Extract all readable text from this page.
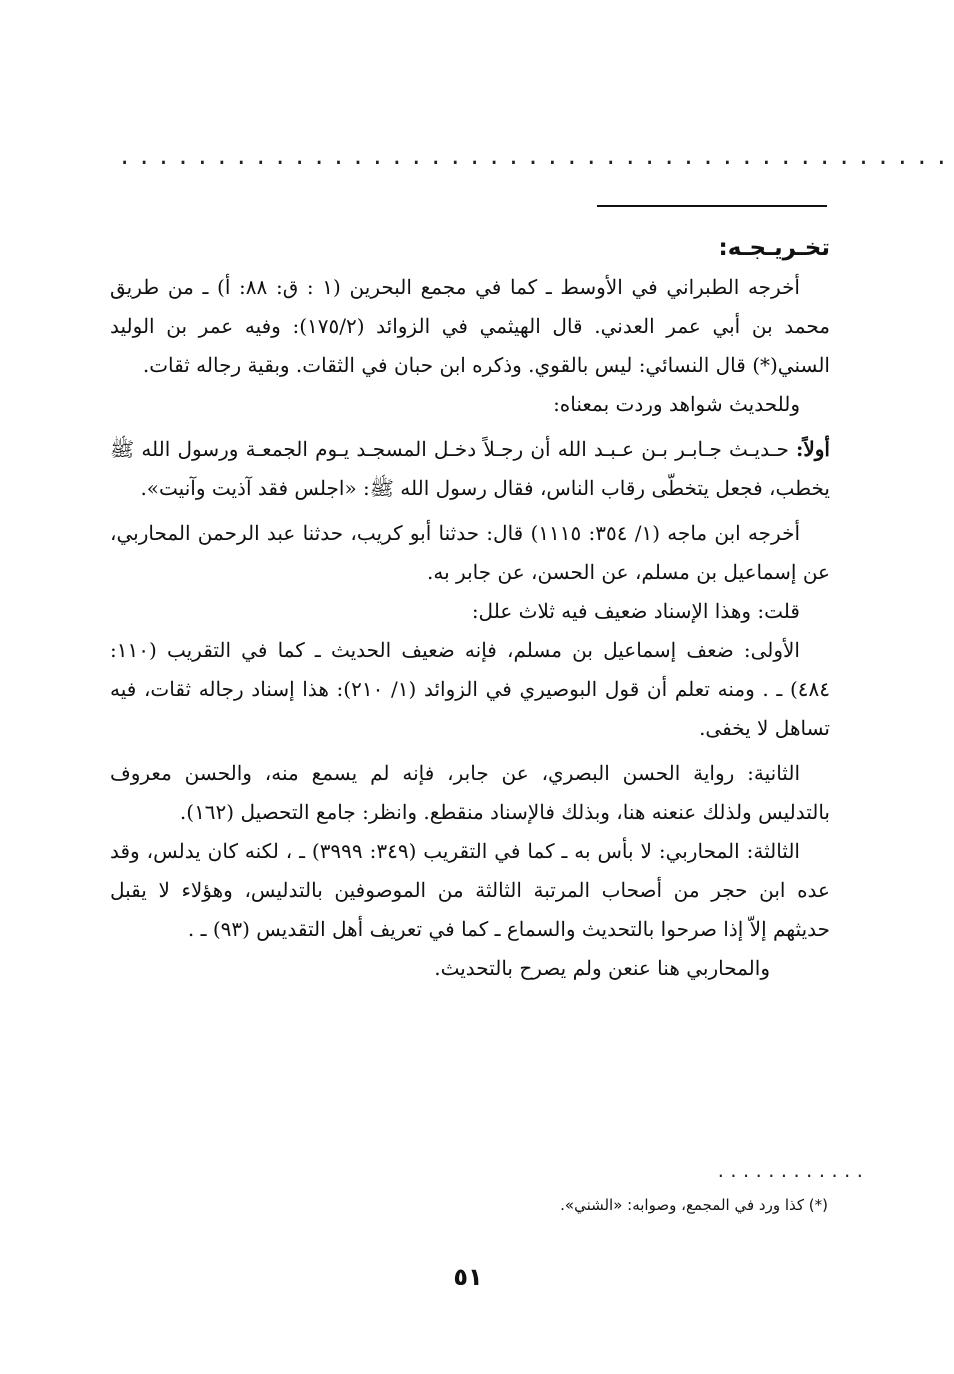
...........................................
تخـريـجـه:

أخرجه الطبراني في الأوسط ـ كما في مجمع البحرين (١ : ق: ٨٨: أ) ـ من طريق محمد بن أبي عمر العدني. قال الهيثمي في الزوائد (١٧٥/٢): وفيه عمر بن الوليد السني(*) قال النسائي: ليس بالقوي. وذكره ابن حبان في الثقات. وبقية رجاله ثقات.

وللحديث شواهد وردت بمعناه:

أولاً: حـديـث جـابـر بـن عـبـد الله أن رجـلاً دخـل المسجـد يـوم الجمعـة ورسول الله ﷺ يخطب، فجعل يتخطّى رقاب الناس، فقال رسول الله ﷺ: «اجلس فقد آذيت وآنيت».

أخرجه ابن ماجه (١/ ٣٥٤: ١١١٥) قال: حدثنا أبو كريب، حدثنا عبد الرحمن المحاربي، عن إسماعيل بن مسلم، عن الحسن، عن جابر به.

قلت: وهذا الإسناد ضعيف فيه ثلاث علل:

الأولى: ضعف إسماعيل بن مسلم، فإنه ضعيف الحديث ـ كما في التقريب (١١٠: ٤٨٤) ـ . ومنه تعلم أن قول البوصيري في الزوائد (١/ ٢١٠): هذا إسناد رجاله ثقات، فيه تساهل لا يخفى.

الثانية: رواية الحسن البصري، عن جابر، فإنه لم يسمع منه، والحسن معروف بالتدليس ولذلك عنعنه هنا، وبذلك فالإسناد منقطع. وانظر: جامع التحصيل (١٦٢).

الثالثة: المحاربي: لا بأس به ـ كما في التقريب (٣٤٩: ٣٩٩٩) ـ ، لكنه كان يدلس، وقد عده ابن حجر من أصحاب المرتبة الثالثة من الموصوفين بالتدليس، وهؤلاء لا يقبل حديثهم إلاّ إذا صرحوا بالتحديث والسماع ـ كما في تعريف أهل التقديس (٩٣) ـ .

والمحاربي هنا عنعن ولم يصرح بالتحديث.

............
(*) كذا ورد في المجمع، وصوابه: «الشني».
٥١
